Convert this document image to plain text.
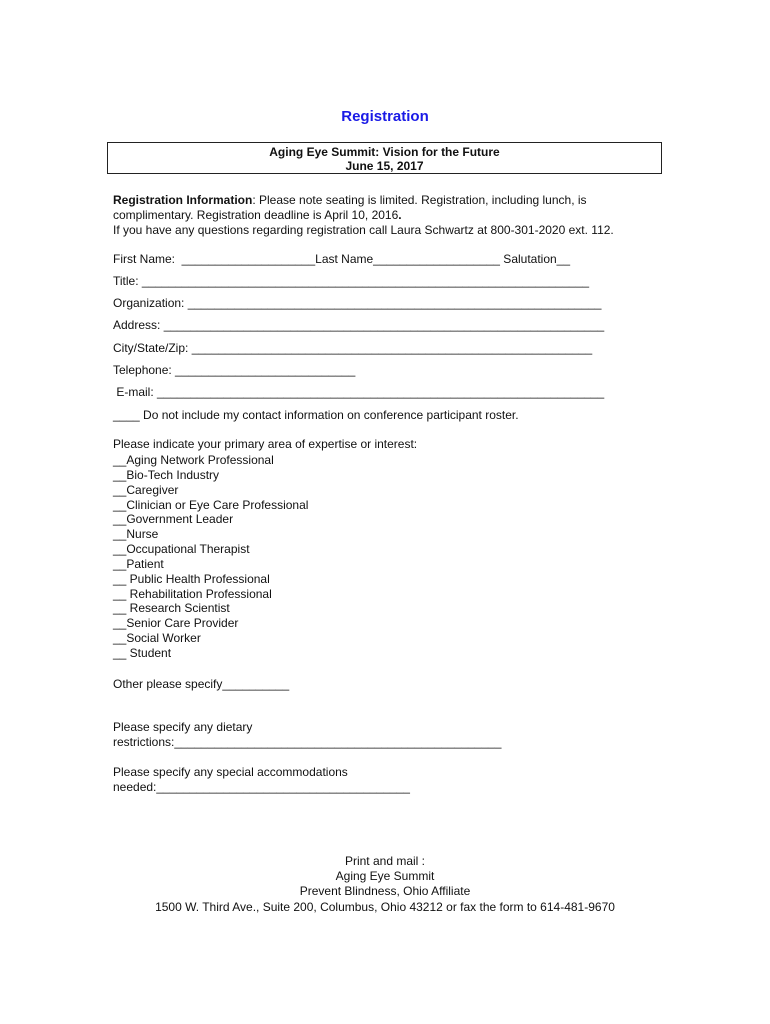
Registration
Aging Eye Summit: Vision for the Future
June 15, 2017
Registration Information: Please note seating is limited. Registration, including lunch, is
complimentary. Registration deadline is April 10, 2016.
If you have any questions regarding registration call Laura Schwartz at 800-301-2020 ext. 112.
First Name:  ____________________Last Name___________________ Salutation__
Title: ___________________________________________________________________
Organization: ______________________________________________________________
Address: __________________________________________________________________
City/State/Zip: ____________________________________________________________
Telephone: ___________________________
E-mail: ___________________________________________________________________
____ Do not include my contact information on conference participant roster.
Please indicate your primary area of expertise or interest:
__Aging Network Professional
__Bio-Tech Industry
__Caregiver
__Clinician or Eye Care Professional
__Government Leader
__Nurse
__Occupational Therapist
__Patient
__ Public Health Professional
__ Rehabilitation Professional
__ Research Scientist
__Senior Care Provider
__Social Worker
__ Student
Other please specify__________
Please specify any dietary
restrictions:_________________________________________________
Please specify any special accommodations
needed:______________________________________
Print and mail :
Aging Eye Summit
Prevent Blindness, Ohio Affiliate
1500 W. Third Ave., Suite 200, Columbus, Ohio 43212 or fax the form to 614-481-9670
